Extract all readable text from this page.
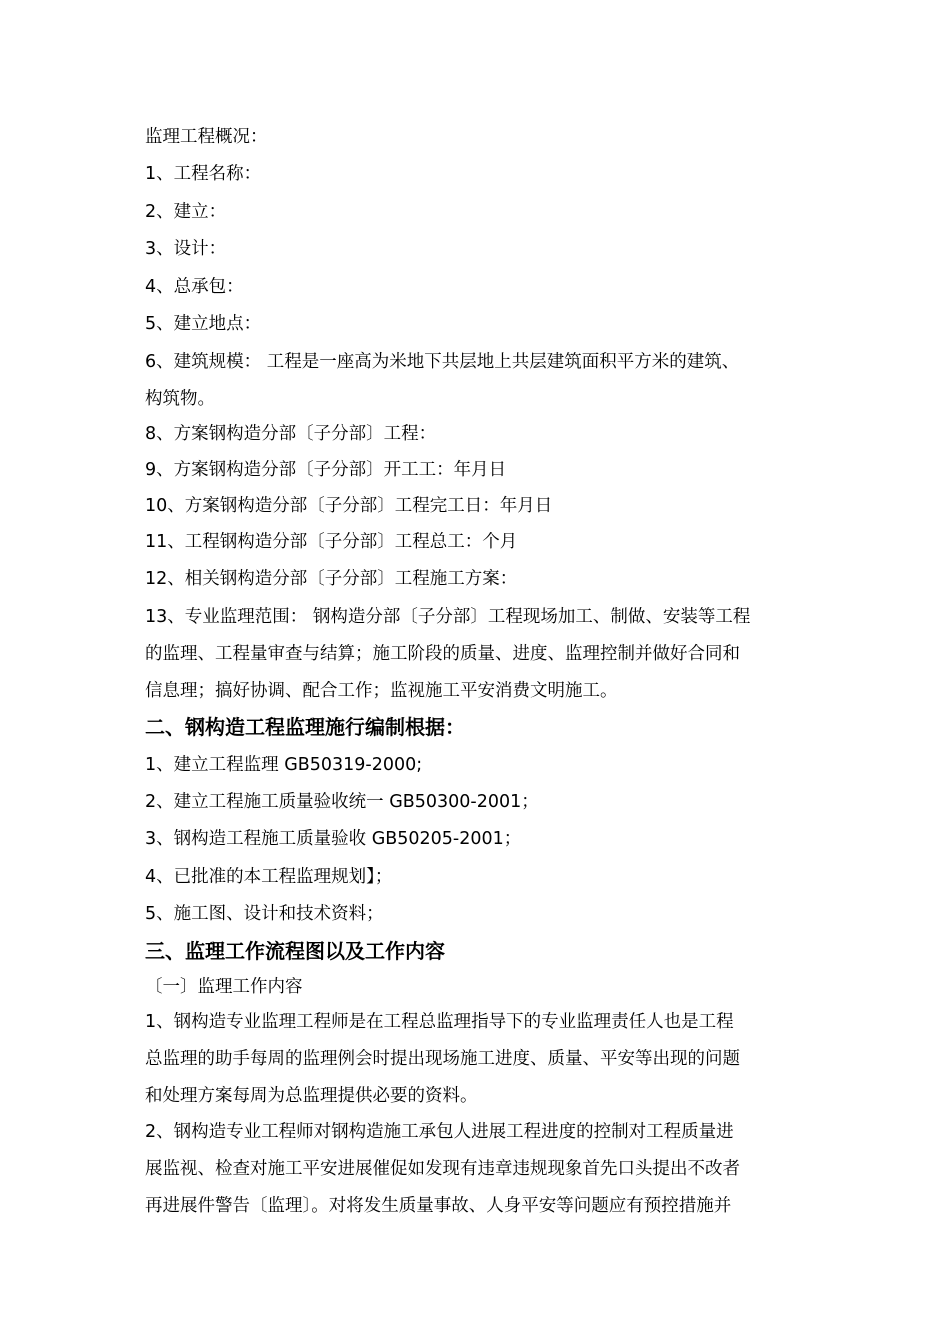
监理工程概况：
1、工程名称：
2、建立：
3、设计：
4、总承包：
5、建立地点：
6、建筑规模： 工程是一座高为米地下共层地上共层建筑面积平方米的建筑、
构筑物。
8、方案钢构造分部〔子分部〕工程：
9、方案钢构造分部〔子分部〕开工工：年月日
10、方案钢构造分部〔子分部〕工程完工日：年月日
11、工程钢构造分部〔子分部〕工程总工：个月
12、相关钢构造分部〔子分部〕工程施工方案：
13、专业监理范围： 钢构造分部〔子分部〕工程现场加工、制做、安装等工程
的监理、工程量审查与结算；施工阶段的质量、进度、监理控制并做好合同和
信息理；搞好协调、配合工作；监视施工平安消费文明施工。
二、钢构造工程监理施行编制根据：
1、建立工程监理 GB50319-2000;
2、建立工程施工质量验收统一 GB50300-2001；
3、钢构造工程施工质量验收 GB50205-2001；
4、已批准的本工程监理规划】；
5、施工图、设计和技术资料；
三、监理工作流程图以及工作内容
〔一〕监理工作内容
1、钢构造专业监理工程师是在工程总监理指导下的专业监理责任人也是工程
总监理的助手每周的监理例会时提出现场施工进度、质量、平安等出现的问题
和处理方案每周为总监理提供必要的资料。
2、钢构造专业工程师对钢构造施工承包人进展工程进度的控制对工程质量进
展监视、检查对施工平安进展催促如发现有违章违规现象首先口头提出不改者
再进展件警告〔监理〕。对将发生质量事故、人身平安等问题应有预控措施并
